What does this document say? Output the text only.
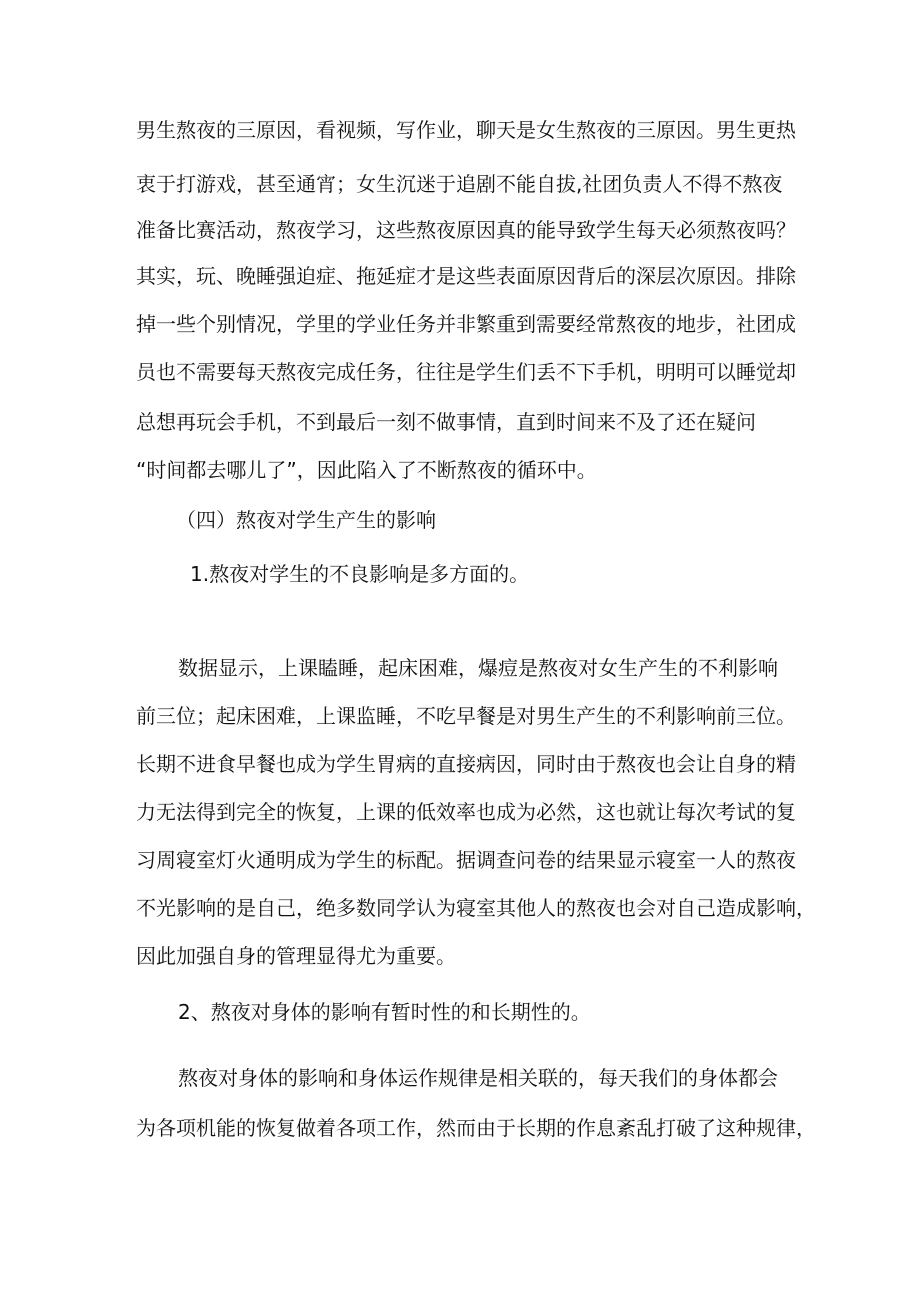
男生熬夜的三原因，看视频，写作业，聊天是女生熬夜的三原因。男生更热
衷于打游戏，甚至通宵；女生沉迷于追剧不能自拔,社团负责人不得不熬夜
准备比赛活动，熬夜学习，这些熬夜原因真的能导致学生每天必须熬夜吗？
其实，玩、晚睡强迫症、拖延症才是这些表面原因背后的深层次原因。排除
掉一些个别情况，学里的学业任务并非繁重到需要经常熬夜的地步，社团成
员也不需要每天熬夜完成任务，往往是学生们丢不下手机，明明可以睡觉却
总想再玩会手机，不到最后一刻不做事情，直到时间来不及了还在疑问
“时间都去哪儿了”，因此陷入了不断熬夜的循环中。
（四）熬夜对学生产生的影响
1.熬夜对学生的不良影响是多方面的。
数据显示，上课瞌睡，起床困难，爆痘是熬夜对女生产生的不利影响
前三位；起床困难，上课监睡，不吃早餐是对男生产生的不利影响前三位。
长期不进食早餐也成为学生胃病的直接病因，同时由于熬夜也会让自身的精
力无法得到完全的恢复，上课的低效率也成为必然，这也就让每次考试的复
习周寝室灯火通明成为学生的标配。据调查问卷的结果显示寝室一人的熬夜
不光影响的是自己，绝多数同学认为寝室其他人的熬夜也会对自己造成影响，
因此加强自身的管理显得尤为重要。
2、熬夜对身体的影响有暂时性的和长期性的。
熬夜对身体的影响和身体运作规律是相关联的，每天我们的身体都会
为各项机能的恢复做着各项工作，然而由于长期的作息紊乱打破了这种规律，
